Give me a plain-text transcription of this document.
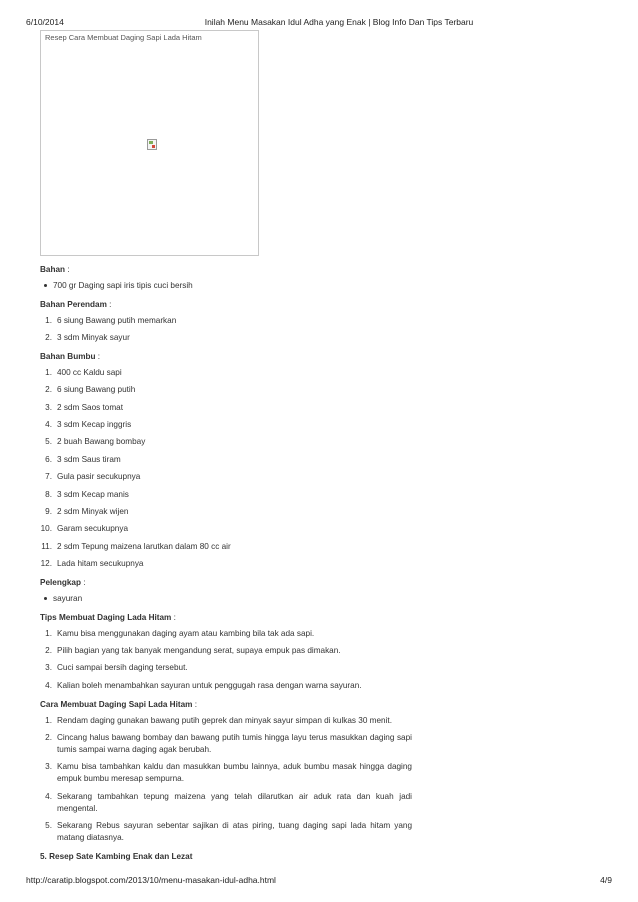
6/10/2014	Inilah Menu Masakan Idul Adha yang Enak | Blog Info Dan Tips Terbaru
Resep Cara Membuat Daging Sapi Lada Hitam
Bahan :
700 gr Daging sapi iris tipis cuci bersih
Bahan Perendam :
1. 6 siung Bawang putih memarkan
2. 3 sdm Minyak sayur
Bahan Bumbu :
1. 400 cc Kaldu sapi
2. 6 siung Bawang putih
3. 2 sdm Saos tomat
4. 3 sdm Kecap inggris
5. 2 buah Bawang bombay
6. 3 sdm Saus tiram
7. Gula pasir secukupnya
8. 3 sdm Kecap manis
9. 2 sdm Minyak wijen
10. Garam secukupnya
11. 2 sdm Tepung maizena larutkan dalam 80 cc air
12. Lada hitam secukupnya
Pelengkap :
sayuran
Tips Membuat Daging Lada Hitam :
1. Kamu bisa menggunakan daging ayam atau kambing bila tak ada sapi.
2. Pilih bagian yang tak banyak mengandung serat, supaya empuk pas dimakan.
3. Cuci sampai bersih daging tersebut.
4. Kalian boleh menambahkan sayuran untuk penggugah rasa dengan warna sayuran.
Cara Membuat Daging Sapi Lada Hitam :
1. Rendam daging gunakan bawang putih geprek dan minyak sayur simpan di kulkas 30 menit.
2. Cincang halus bawang bombay dan bawang putih tumis hingga layu terus masukkan daging sapi tumis sampai warna daging agak berubah.
3. Kamu bisa tambahkan kaldu dan masukkan bumbu lainnya, aduk bumbu masak hingga daging empuk bumbu meresap sempurna.
4. Sekarang tambahkan tepung maizena yang telah dilarutkan air aduk rata dan kuah jadi mengental.
5. Sekarang Rebus sayuran sebentar sajikan di atas piring, tuang daging sapi lada hitam yang matang diatasnya.
5. Resep Sate Kambing Enak dan Lezat
http://caratip.blogspot.com/2013/10/menu-masakan-idul-adha.html	4/9
